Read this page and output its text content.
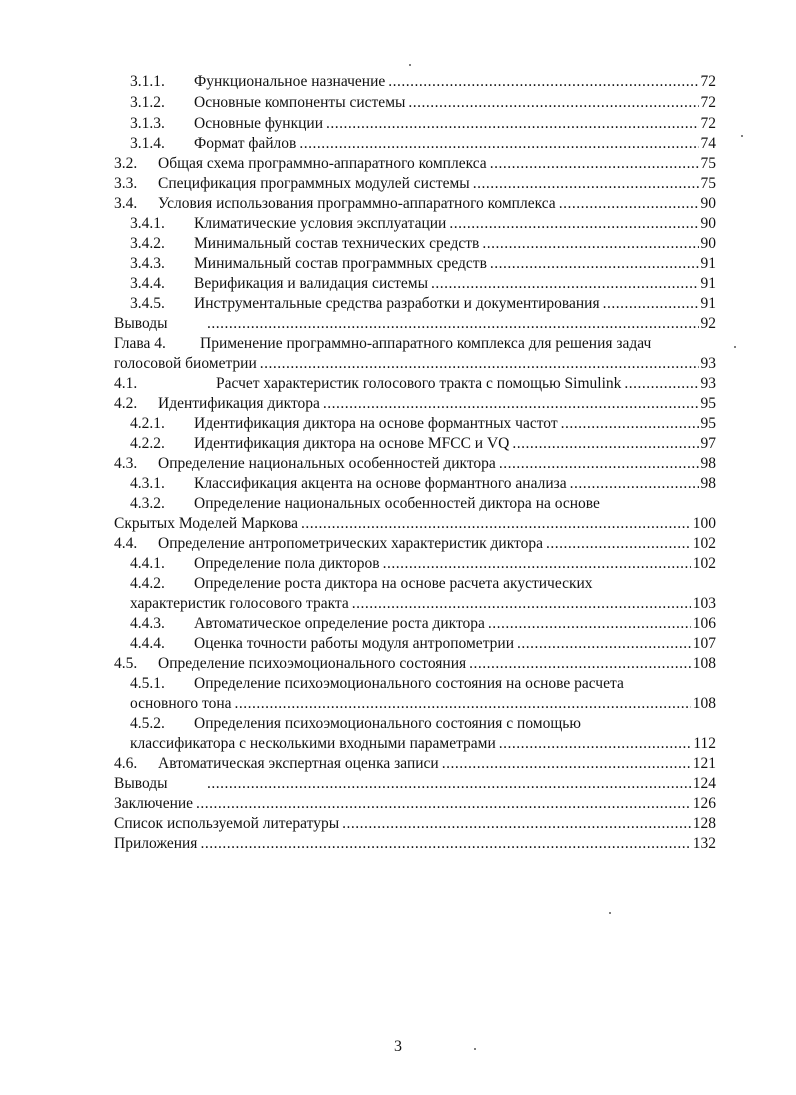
3.1.1.	Функциональное назначение .....	72
3.1.2.	Основные компоненты системы .....	72
3.1.3.	Основные функции .....	72
3.1.4.	Формат файлов .....	74
3.2.	Общая схема программно-аппаратного комплекса .....	75
3.3.	Спецификация программных модулей системы .....	75
3.4.	Условия использования программно-аппаратного комплекса .....	90
3.4.1.	Климатические условия эксплуатации .....	90
3.4.2.	Минимальный состав технических средств .....	90
3.4.3.	Минимальный состав программных средств .....	91
3.4.4.	Верификация и валидация системы .....	91
3.4.5.	Инструментальные средства разработки и документирования .....	91
Выводы .....	92
Глава 4.	Применение программно-аппаратного комплекса для решения задач
голосовой биометрии .....	93
4.1.	Расчет характеристик голосового тракта с помощью Simulink .....	93
4.2.	Идентификация диктора .....	95
4.2.1.	Идентификация диктора на основе формантных частот .....	95
4.2.2.	Идентификация диктора на основе MFCC и VQ .....	97
4.3.	Определение национальных особенностей диктора .....	98
4.3.1.	Классификация акцента на основе формантного анализа .....	98
4.3.2.	Определение национальных особенностей диктора на основе
Скрытых Моделей Маркова .....	100
4.4.	Определение антропометрических характеристик диктора .....	102
4.4.1.	Определение пола дикторов .....	102
4.4.2.	Определение роста диктора на основе расчета акустических
характеристик голосового тракта .....	103
4.4.3.	Автоматическое определение роста диктора .....	106
4.4.4.	Оценка точности работы модуля антропометрии .....	107
4.5.	Определение психоэмоционального состояния .....	108
4.5.1.	Определение психоэмоционального состояния на основе расчета
основного тона .....	108
4.5.2.	Определения психоэмоционального состояния с помощью
классификатора с несколькими входными параметрами .....	112
4.6.	Автоматическая экспертная оценка записи .....	121
Выводы .....	124
Заключение .....	126
Список используемой литературы .....	128
Приложения .....	132
3
